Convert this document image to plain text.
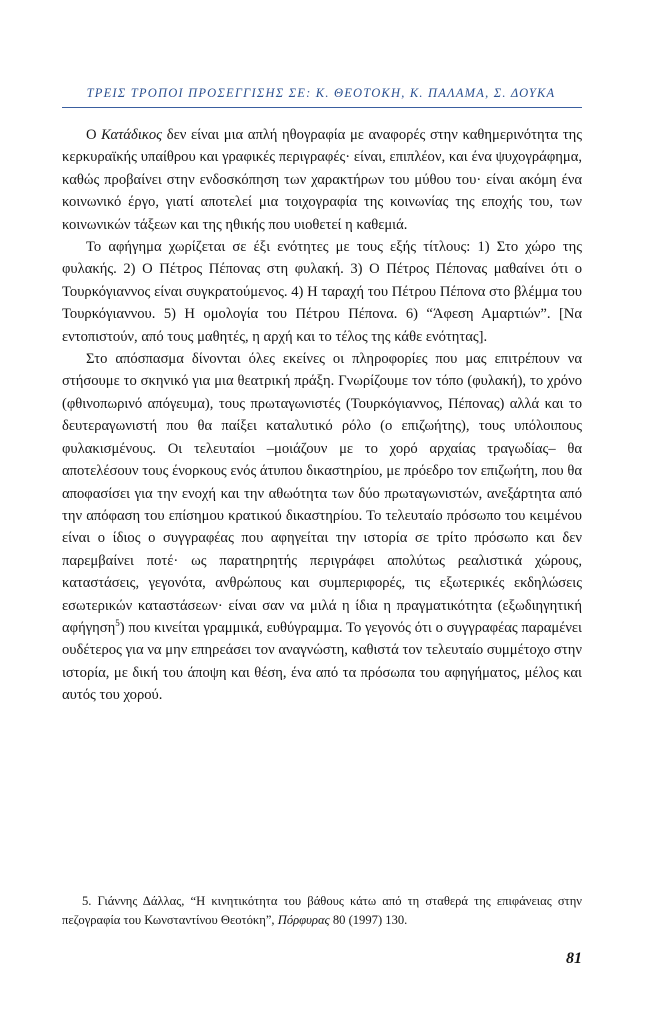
ΤΡΕΙΣ ΤΡΟΠΟΙ ΠΡΟΣΕΓΓΙΣΗΣ ΣΕ: Κ. ΘΕΟΤΟΚΗ, Κ. ΠΑΛΑΜΑ, Σ. ΔΟΥΚΑ

Ο Κατάδικος δεν είναι μια απλή ηθογραφία με αναφορές στην καθημερινότητα της κερκυραϊκής υπαίθρου και γραφικές περιγραφές· είναι, επιπλέον, και ένα ψυχογράφημα, καθώς προβαίνει στην ενδοσκόπηση των χαρακτήρων του μύθου του· είναι ακόμη ένα κοινωνικό έργο, γιατί αποτελεί μια τοιχογραφία της κοινωνίας της εποχής του, των κοινωνικών τάξεων και της ηθικής που υιοθετεί η καθεμιά.

Το αφήγημα χωρίζεται σε έξι ενότητες με τους εξής τίτλους: 1) Στο χώρο της φυλακής. 2) Ο Πέτρος Πέπονας στη φυλακή. 3) Ο Πέτρος Πέπονας μαθαίνει ότι ο Τουρκόγιαννος είναι συγκρατούμενος. 4) Η ταραχή του Πέτρου Πέπονα στο βλέμμα του Τουρκόγιαννου. 5) Η ομολογία του Πέτρου Πέπονα. 6) “Άφεση Αμαρτιών”. [Να εντοπιστούν, από τους μαθητές, η αρχή και το τέλος της κάθε ενότητας].

Στο απόσπασμα δίνονται όλες εκείνες οι πληροφορίες που μας επιτρέπουν να στήσουμε το σκηνικό για μια θεατρική πράξη. Γνωρίζουμε τον τόπο (φυλακή), το χρόνο (φθινοπωρινό απόγευμα), τους πρωταγωνιστές (Τουρκόγιαννος, Πέπονας) αλλά και το δευτεραγωνιστή που θα παίξει καταλυτικό ρόλο (ο επιζωήτης), τους υπόλοιπους φυλακισμένους. Οι τελευταίοι –μοιάζουν με το χορό αρχαίας τραγωδίας– θα αποτελέσουν τους ένορκους ενός άτυπου δικαστηρίου, με πρόεδρο τον επιζωήτη, που θα αποφασίσει για την ενοχή και την αθωότητα των δύο πρωταγωνιστών, ανεξάρτητα από την απόφαση του επίσημου κρατικού δικαστηρίου. Το τελευταίο πρόσωπο του κειμένου είναι ο ίδιος ο συγγραφέας που αφηγείται την ιστορία σε τρίτο πρόσωπο και δεν παρεμβαίνει ποτέ· ως παρατηρητής περιγράφει απολύτως ρεαλιστικά χώρους, καταστάσεις, γεγονότα, ανθρώπους και συμπεριφορές, τις εξωτερικές εκδηλώσεις εσωτερικών καταστάσεων· είναι σαν να μιλά η ίδια η πραγματικότητα (εξωδιηγητική αφήγηση$^5$) που κινείται γραμμικά, ευθύγραμμα. Το γεγονός ότι ο συγγραφέας παραμένει ουδέτερος για να μην επηρεάσει τον αναγνώστη, καθιστά τον τελευταίο συμμέτοχο στην ιστορία, με δική του άποψη και θέση, ένα από τα πρόσωπα του αφηγήματος, μέλος και αυτός του χορού.

5. Γιάννης Δάλλας, “Η κινητικότητα του βάθους κάτω από τη σταθερά της επιφάνειας στην πεζογραφία του Κωνσταντίνου Θεοτόκη”, Πόρφυρας 80 (1997) 130.

81
